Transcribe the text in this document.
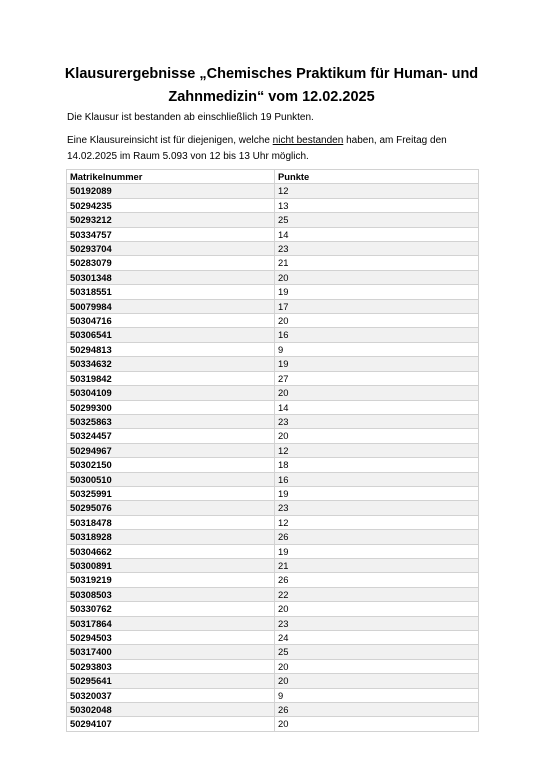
Klausurergebnisse „Chemisches Praktikum für Human- und
Zahnmedizin“ vom 12.02.2025
Die Klausur ist bestanden ab einschließlich 19 Punkten.
Eine Klausureinsicht ist für diejenigen, welche nicht bestanden haben, am Freitag den 14.02.2025 im Raum 5.093 von 12 bis 13 Uhr möglich.
Matrikelnummer	Punkte
50192089	12
50294235	13
50293212	25
50334757	14
50293704	23
50283079	21
50301348	20
50318551	19
50079984	17
50304716	20
50306541	16
50294813	9
50334632	19
50319842	27
50304109	20
50299300	14
50325863	23
50324457	20
50294967	12
50302150	18
50300510	16
50325991	19
50295076	23
50318478	12
50318928	26
50304662	19
50300891	21
50319219	26
50308503	22
50330762	20
50317864	23
50294503	24
50317400	25
50293803	20
50295641	20
50320037	9
50302048	26
50294107	20
